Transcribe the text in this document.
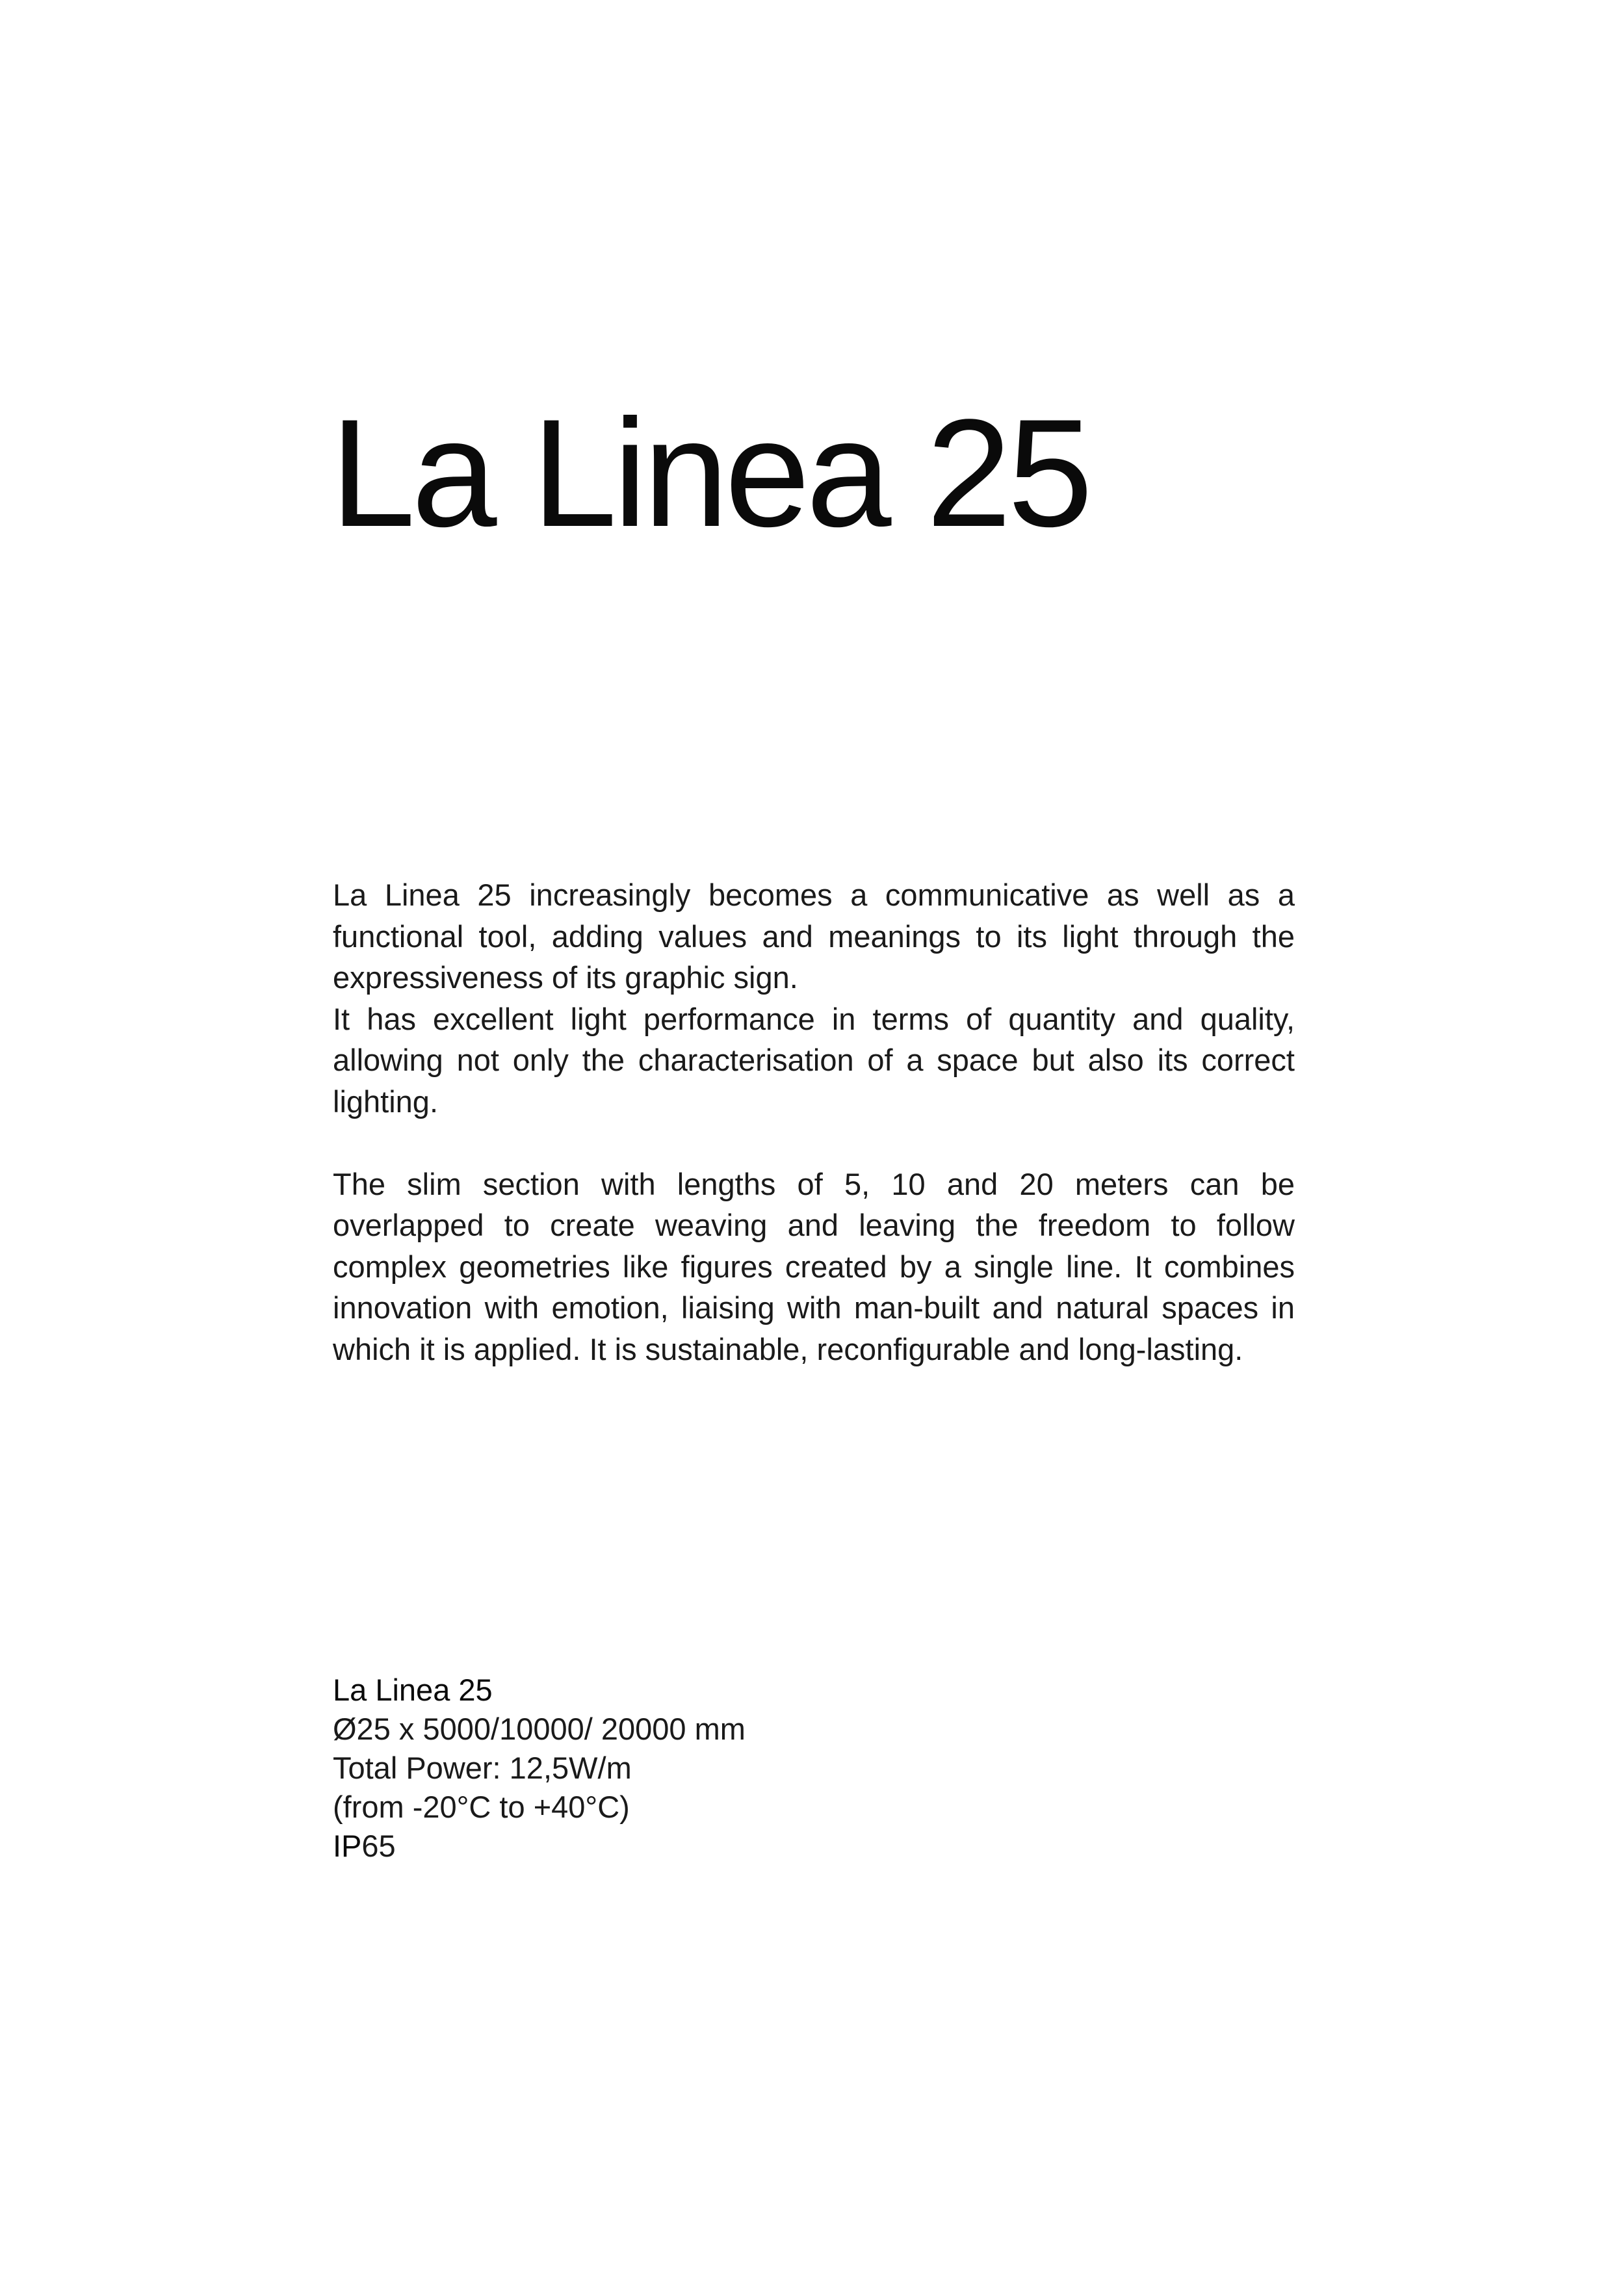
La Linea 25

La Linea 25 increasingly becomes a communicative as well as a functional tool, adding values and meanings to its light through the expressiveness of its graphic sign.

It has excellent light performance in terms of quantity and quality, allowing not only the characterisation of a space but also its correct lighting.

The slim section with lengths of 5, 10 and 20 meters can be overlapped to create weaving and leaving the freedom to follow complex geometries like figures created by a single line. It combines innovation with emotion, liaising with man-built and natural spaces in which it is applied. It is sustainable, reconfigurable and long-lasting.

La Linea 25
Ø25 x 5000/10000/ 20000 mm
Total Power: 12,5W/m
(from -20°C to +40°C)
IP65
